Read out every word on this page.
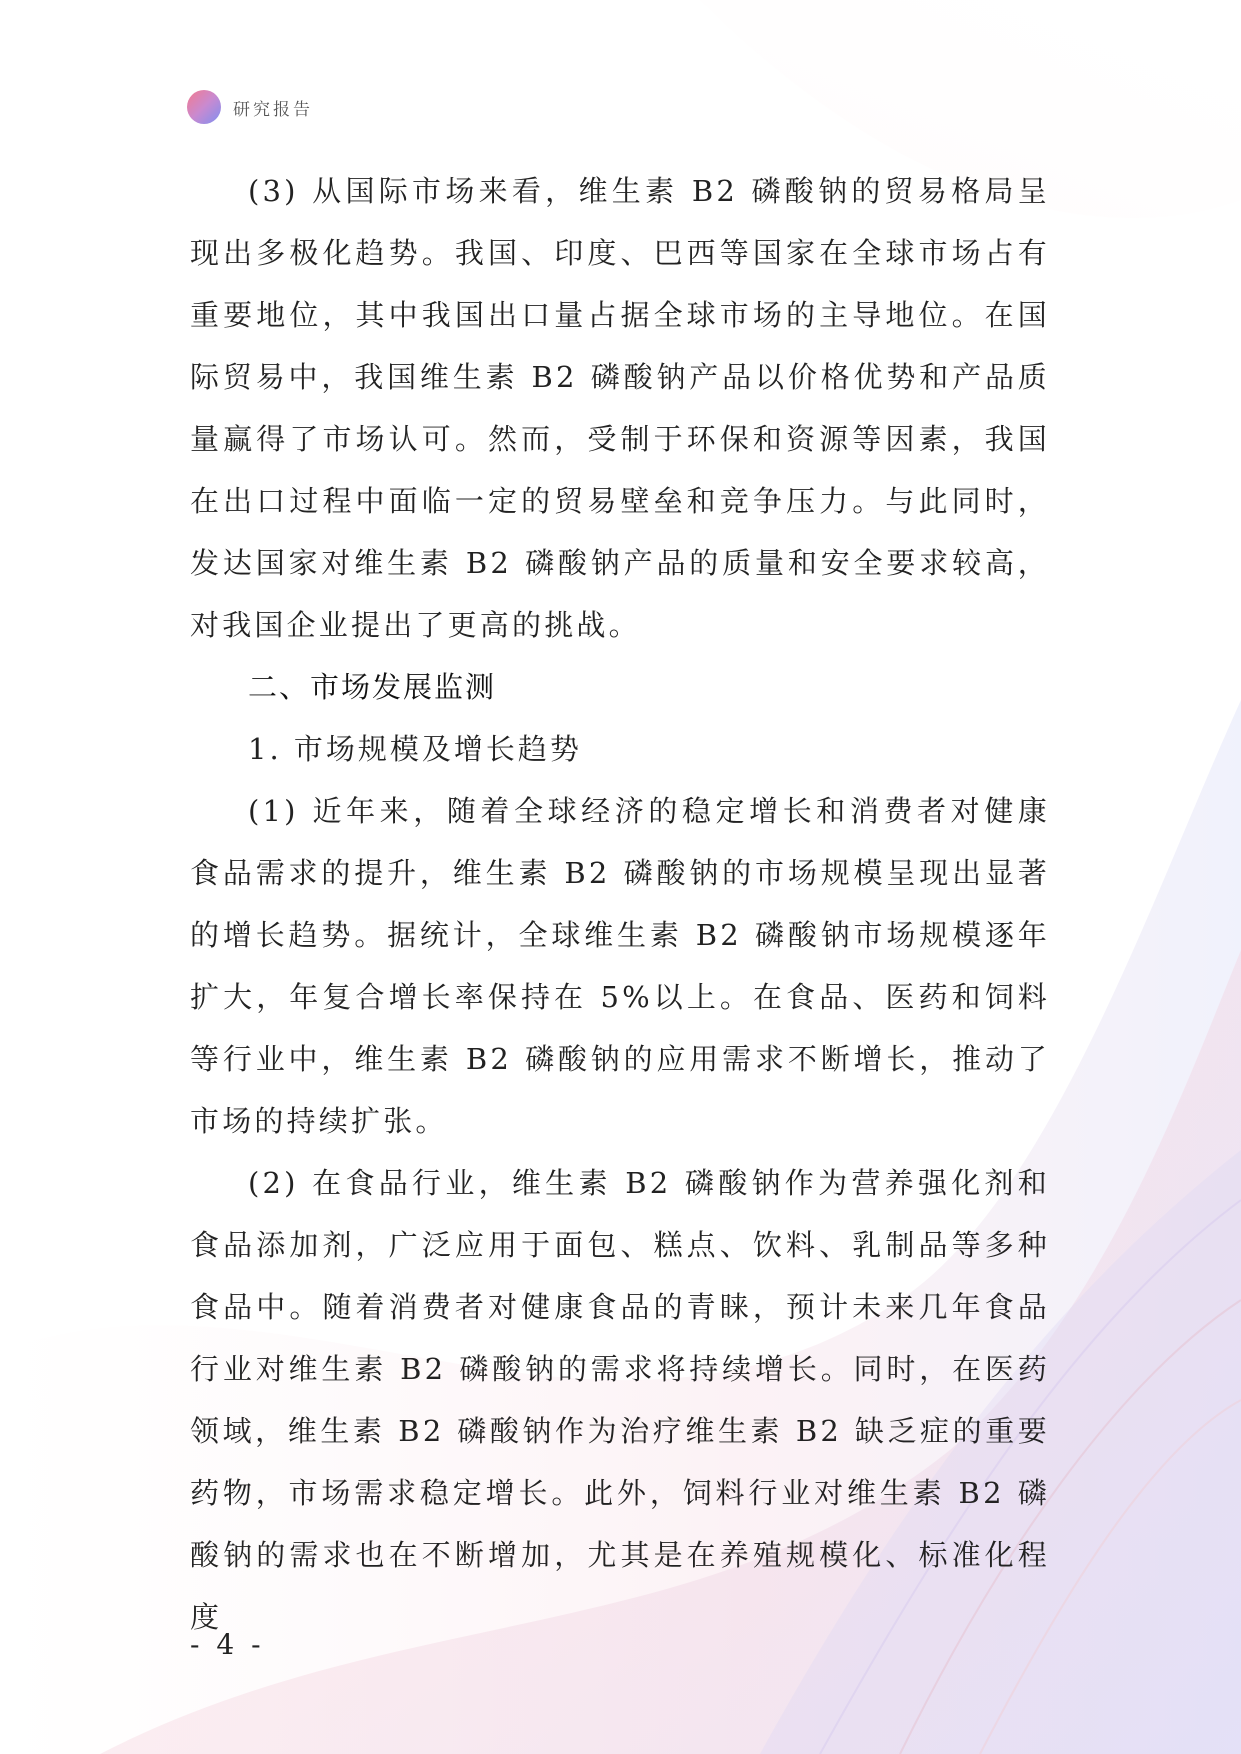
研究报告

(3) 从国际市场来看，维生素 B2 磷酸钠的贸易格局呈现出多极化趋势。我国、印度、巴西等国家在全球市场占有重要地位，其中我国出口量占据全球市场的主导地位。在国际贸易中，我国维生素 B2 磷酸钠产品以价格优势和产品质量赢得了市场认可。然而，受制于环保和资源等因素，我国在出口过程中面临一定的贸易壁垒和竞争压力。与此同时，发达国家对维生素 B2 磷酸钠产品的质量和安全要求较高，对我国企业提出了更高的挑战。

二、市场发展监测
1. 市场规模及增长趋势

(1) 近年来，随着全球经济的稳定增长和消费者对健康食品需求的提升，维生素 B2 磷酸钠的市场规模呈现出显著的增长趋势。据统计，全球维生素 B2 磷酸钠市场规模逐年扩大，年复合增长率保持在 5%以上。在食品、医药和饲料等行业中，维生素 B2 磷酸钠的应用需求不断增长，推动了市场的持续扩张。

(2) 在食品行业，维生素 B2 磷酸钠作为营养强化剂和食品添加剂，广泛应用于面包、糕点、饮料、乳制品等多种食品中。随着消费者对健康食品的青睐，预计未来几年食品行业对维生素 B2 磷酸钠的需求将持续增长。同时，在医药领域，维生素 B2 磷酸钠作为治疗维生素 B2 缺乏症的重要药物，市场需求稳定增长。此外，饲料行业对维生素 B2 磷酸钠的需求也在不断增加，尤其是在养殖规模化、标准化程度

- 4 -
